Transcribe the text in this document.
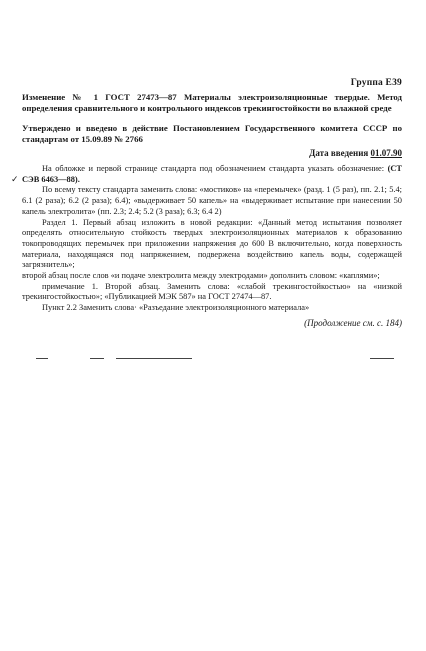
✓
Группа Е39
Изменение № 1 ГОСТ 27473—87 Материалы электроизоляционные твердые. Метод определения сравнительного и контрольного индексов трекингостойкости во влажной среде
Утверждено и введено в действие Постановлением Государственного комитета СССР по стандартам от 15.09.89 № 2766
Дата введения 01.07.90

На обложке и первой странице стандарта под обозначением стандарта указать обозначение: (СТ СЭВ 6463—88).

По всему тексту стандарта заменить слова: «мостиков» на «перемычек» (разд. 1 (5 раз), пп. 2.1; 5.4; 6.1 (2 раза); 6.2 (2 раза); 6.4); «выдерживает 50 капель» на «выдерживает испытание при нанесении 50 капель электролита» (пп. 2.3; 2.4; 5.2 (3 раза); 6.3; 6.4 2)

Раздел 1. Первый абзац изложить в новой редакции: «Данный метод испытания позволяет определять относительную стойкость твердых электроизоляционных материалов к образованию токопроводящих перемычек при приложении напряжения до 600 В включительно, когда поверхность материала, находящаяся под напряжением, подвержена воздействию капель воды, содержащей загрязнитель»;

второй абзац после слов «и подаче электролита между электродами» дополнить словом: «каплями»;

примечание 1. Второй абзац. Заменить слова: «слабой трекингостойкостью» на «низкой трекингостойкостью»; «Публикацией МЭК 587» на ГОСТ 27474—87.

Пункт 2.2 Заменить слова· «Разъедание электроизоляционного материала»

(Продолжение см. с. 184)
